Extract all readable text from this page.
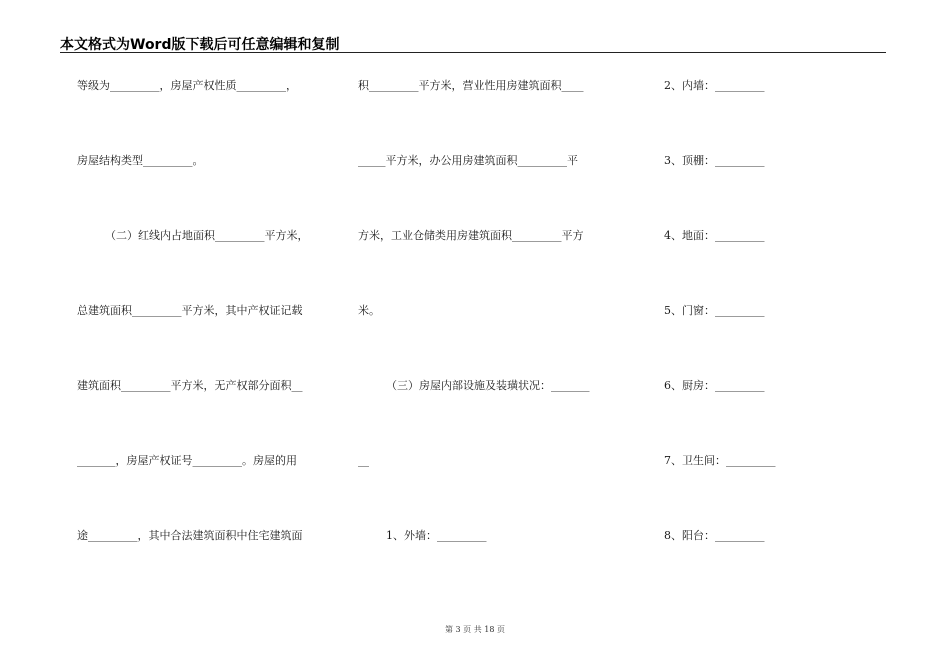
本文格式为Word版下载后可任意编辑和复制
等级为_________，房屋产权性质_________，
房屋结构类型_________。
（二）红线内占地面积_________平方米，
总建筑面积_________平方米，其中产权证记载
建筑面积_________平方米，无产权部分面积__
_______，房屋产权证号_________。房屋的用
途_________，其中合法建筑面积中住宅建筑面
积_________平方米，营业性用房建筑面积____
_____平方米，办公用房建筑面积_________平
方米，工业仓储类用房建筑面积_________平方
米。
（三）房屋内部设施及装璜状况：_______
__
1、外墙：_________
2、内墙：_________
3、顶棚：_________
4、地面：_________
5、门窗：_________
6、厨房：_________
7、卫生间：_________
8、阳台：_________
第 3 页 共 18 页
